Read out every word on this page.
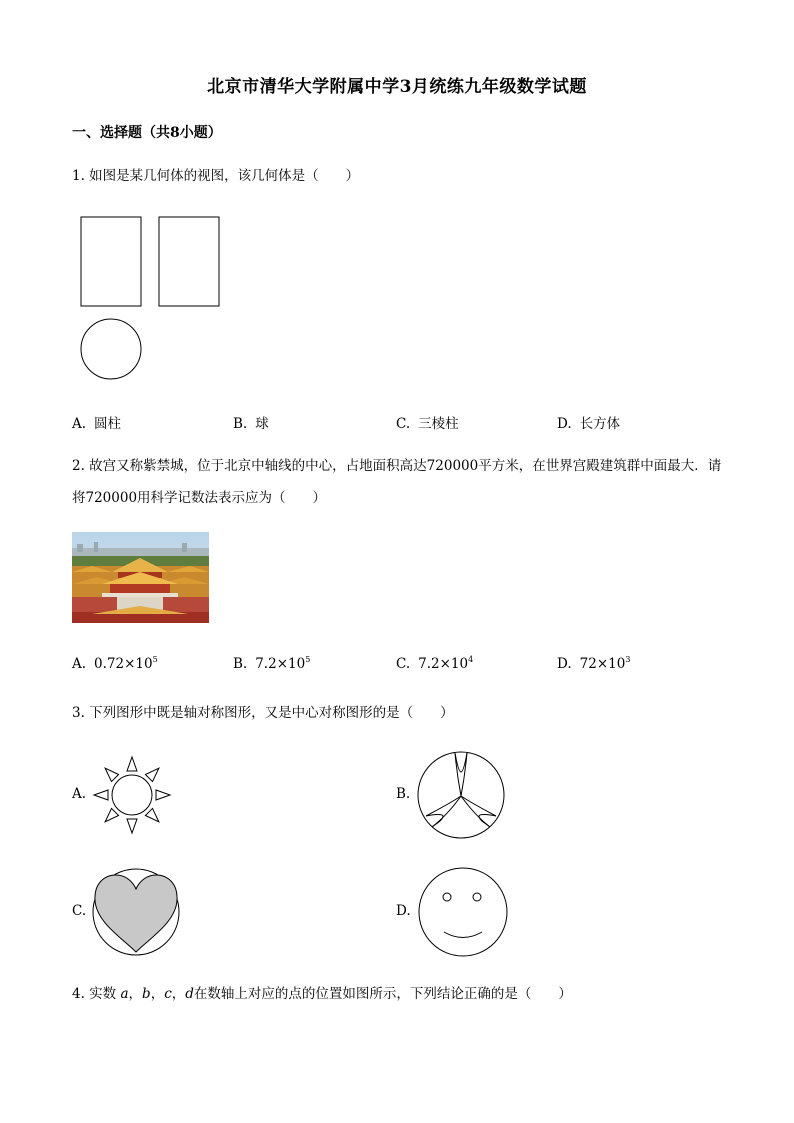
北京市清华大学附属中学3月统练九年级数学试题
一、选择题（共8小题）
1. 如图是某几何体的视图，该几何体是（　　）
A. 圆柱	B. 球	C. 三棱柱	D. 长方体
2. 故宫又称紫禁城，位于北京中轴线的中心，占地面积高达720000平方米，在世界宫殿建筑群中面最大．请
将720000用科学记数法表示应为（　　）
A. $0.72\times 10^5$	B. $7.2\times 10^5$	C. $7.2\times 10^4$	D. $72\times 10^3$
3. 下列图形中既是轴对称图形，又是中心对称图形的是（　　）
A.	B.
C.	D.
4. 实数 a，b，c，d在数轴上对应的点的位置如图所示，下列结论正确的是（　　）
